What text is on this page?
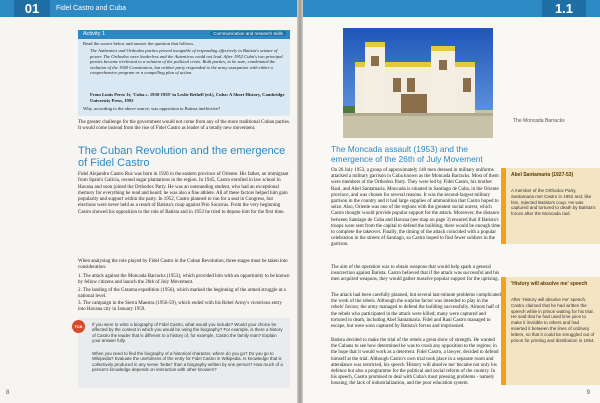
01	Fidel Castro and Cuba
Activity 1	Communication and research skills

Read the source below and answer the question that follows.

The Authentics and Orthodox parties proved incapable of responding effectively to Batista's seizure of power. The Orthodox were leaderless and the Autenticos could not lead. After 1952 Cuba's two principal parties became irrelevant to a solution of the political crisis. Both parties, to be sure, condemned the violation of the 1940 Constitution, but neither party responded to the army usurpation with either a comprehensive program or a compelling plan of action.

From Louis Perez Jr, 'Cuba c. 1930-1959' in Leslie Bethell (ed.), Cuba: A Short History, Cambridge University Press, 1993

Why, according to the above source, was opposition to Batista ineffective?

The greater challenge for the government would not come from any of the more traditional Cuban parties. It would come instead from the rise of Fidel Castro as leader of a totally new movement.

The Cuban Revolution and the emergence of Fidel Castro

Fidel Alejandro Castro Ruz was born in 1926 in the eastern province of Oriente. His father, an immigrant from Spain's Galicia, owned sugar plantations in the region. In 1945, Castro enrolled in law school in Havana and soon joined the Orthodox Party. He was an outstanding student, who had an exceptional memory for everything he read and heard; he was also a fine athlete. All of these factors helped him gain popularity and support within the party. In 1952, Castro planned to run for a seat in Congress, but elections were never held as a result of Batista's coup against Prio Socarras. From the very beginning Castro showed his opposition to the rule of Batista and in 1953 he tried to depose him for the first time.

When analysing the role played by Fidel Castro in the Cuban Revolution, three stages must be taken into consideration:

1. The attack against the Moncada Barracks (1953), which provided him with an opportunity to be known by fellow citizens and launch the 26th of July Movement.
2. The landing of the Granma expedition (1956), which marked the beginning of the armed struggle at a national level.
3. The campaign in the Sierra Maestra (1956-59), which ended with his Rebel Army's victorious entry into Havana city in January 1959.
TOK	If you were to write a biography of Fidel Castro, what would you include? Would your choice be affected by the context in which you would be using the biography? For example, is there a history of Castro the leader that is different to a history of, for example, Castro the family man? Explain your answer fully.

When you need to find the biography of a historical character, where do you go? Do you go to Wikipedia? Evaluate the usefulness of the entry for Fidel Castro in Wikipedia. Is knowledge that is collectively produced in any sense 'better' than a biography written by one person? How much of a person's knowledge depends on interaction with other knowers?

8
1.1
The Moncada Barracks
Abel Santamaria (1927-53)

A member of the Orthodox Party, Santamaria met Castro in 1952 and, like him, rejected Batista's coup. He was captured and tortured to death by Batista's forces after the Moncada raid.

'History will absolve me' speech

After 'History will absolve me' speech, Castro claimed that he had written the speech while in prison waiting for his trial. He said that he had used lime juice to make it invisible to others and had inserted it between the lines of ordinary letters, so that it could be smuggled out of prison for printing and distribution in 1954.

The Moncada assault (1953) and the emergence of the 26th of July Movement

On 26 July 1953, a group of approximately 140 men dressed in military uniforms attacked a military garrison in Cuba known as the Moncada Barracks. Most of them were members of the Orthodox Party. They were led by Fidel Castro, his brother Raul, and Abel Santamaria. Moncada is situated in Santiago de Cuba, in the Oriente province, and was chosen for several reasons. It was the second-largest military garrison in the country and it had large supplies of ammunition that Castro hoped to seize. Also, Oriente was one of the regions with the greatest social unrest, which Castro thought would provide popular support for the attack. Moreover, the distance between Santiago de Cuba and Havana (see map on page 3) ensured that if Batista's troops were sent from the capital to defend the building, there would be enough time to complete the takeover. Finally, the timing of the attack coincided with a popular celebration in the streets of Santiago, so Castro hoped to find fewer soldiers in the garrison.

The aim of the operation was to obtain weapons that would help spark a general insurrection against Batista. Castro believed that if the attack was successful and his men acquired weapons, they would gather massive popular support for the uprising.

The attack had been carefully planned, but several last-minute problems complicated the work of the rebels. Although the surprise factor was intended to play in the rebels' favour, the army managed to defend the building successfully. Almost half of the rebels who participated in the attack were killed; many were captured and tortured to death, including Abel Santamaria. Fidel and Raul Castro managed to escape, but were soon captured by Batista's forces and imprisoned.

Batista decided to make the trial of the rebels a great show of strength. He wanted the Cubans to see how determined he was to crush any opposition to the regime, in the hope that it would work as a deterrent. Fidel Castro, a lawyer, decided to defend himself at the trial. Although Castro's own trial took place in a separate room and attendance was restricted, his speech 'History will absolve me' became not only his defence but also a programme for the political and social reform of the country. In his speech, Castro promised to deal with Cuba's most pressing problems - namely housing, the lack of industrialization, and the poor education system.

9
